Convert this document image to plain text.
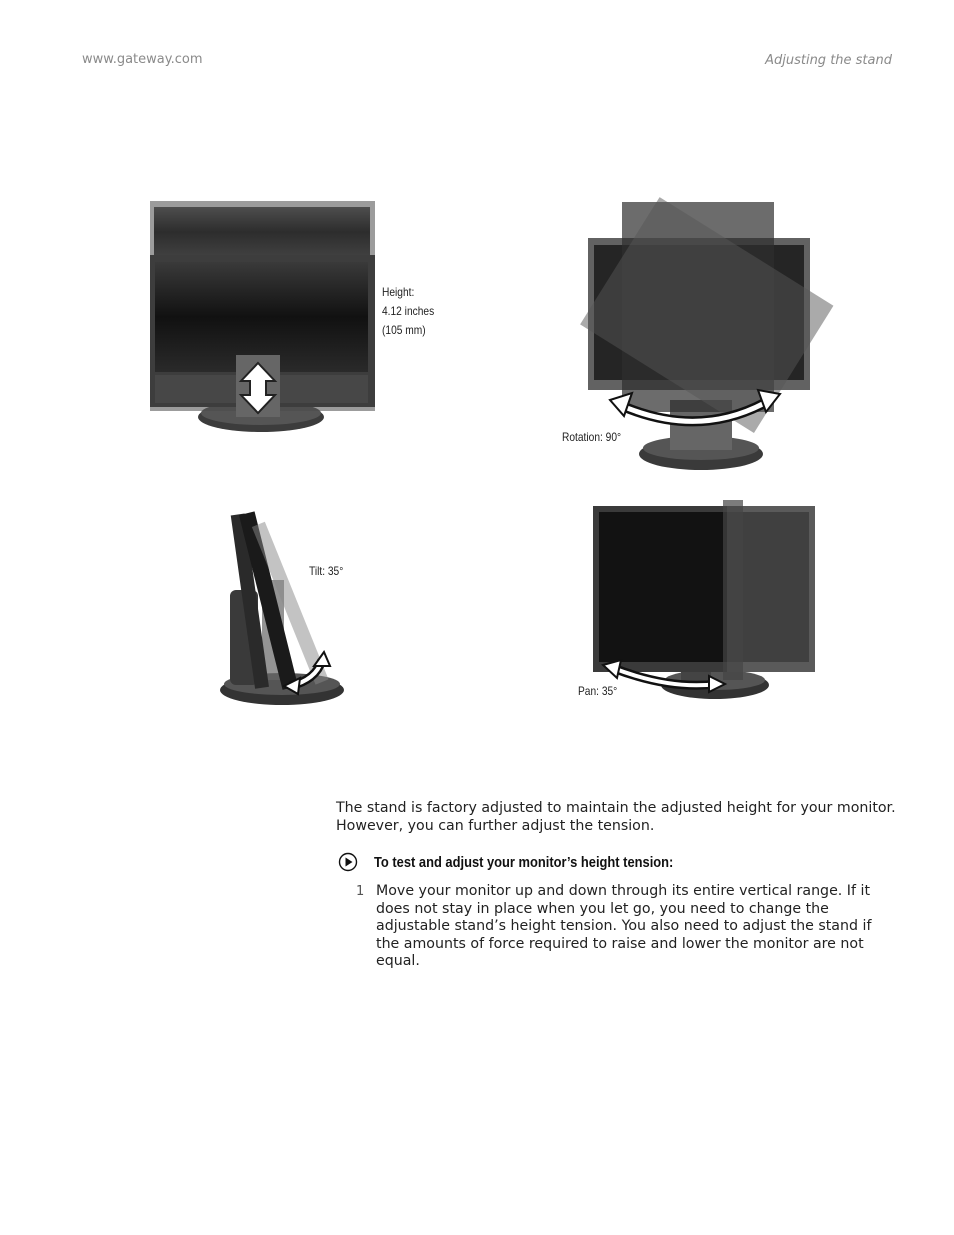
www.gateway.com	Adjusting the stand
Height:
4.12 inches
(105 mm)
Rotation: 90°
Tilt: 35°
Pan: 35°
The stand is factory adjusted to maintain the adjusted height for your monitor. However, you can further adjust the tension.
To test and adjust your monitor’s height tension:
1 Move your monitor up and down through its entire vertical range. If it does not stay in place when you let go, you need to change the adjustable stand’s height tension. You also need to adjust the stand if the amounts of force required to raise and lower the monitor are not equal.
